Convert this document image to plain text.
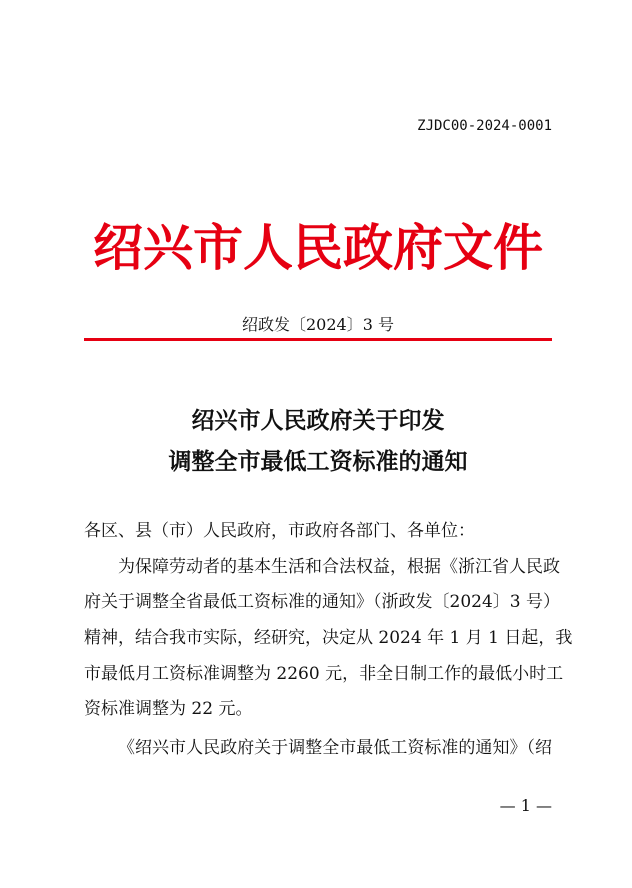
ZJDC00-2024-0001
绍兴市人民政府文件
绍政发〔2024〕3 号
绍兴市人民政府关于印发
调整全市最低工资标准的通知
各区、县（市）人民政府，市政府各部门、各单位：
为保障劳动者的基本生活和合法权益，根据《浙江省人民政
府关于调整全省最低工资标准的通知》（浙政发〔2024〕3 号）
精神，结合我市实际，经研究，决定从 2024 年 1 月 1 日起，我
市最低月工资标准调整为 2260 元，非全日制工作的最低小时工
资标准调整为 22 元。
《绍兴市人民政府关于调整全市最低工资标准的通知》（绍
— 1 —
